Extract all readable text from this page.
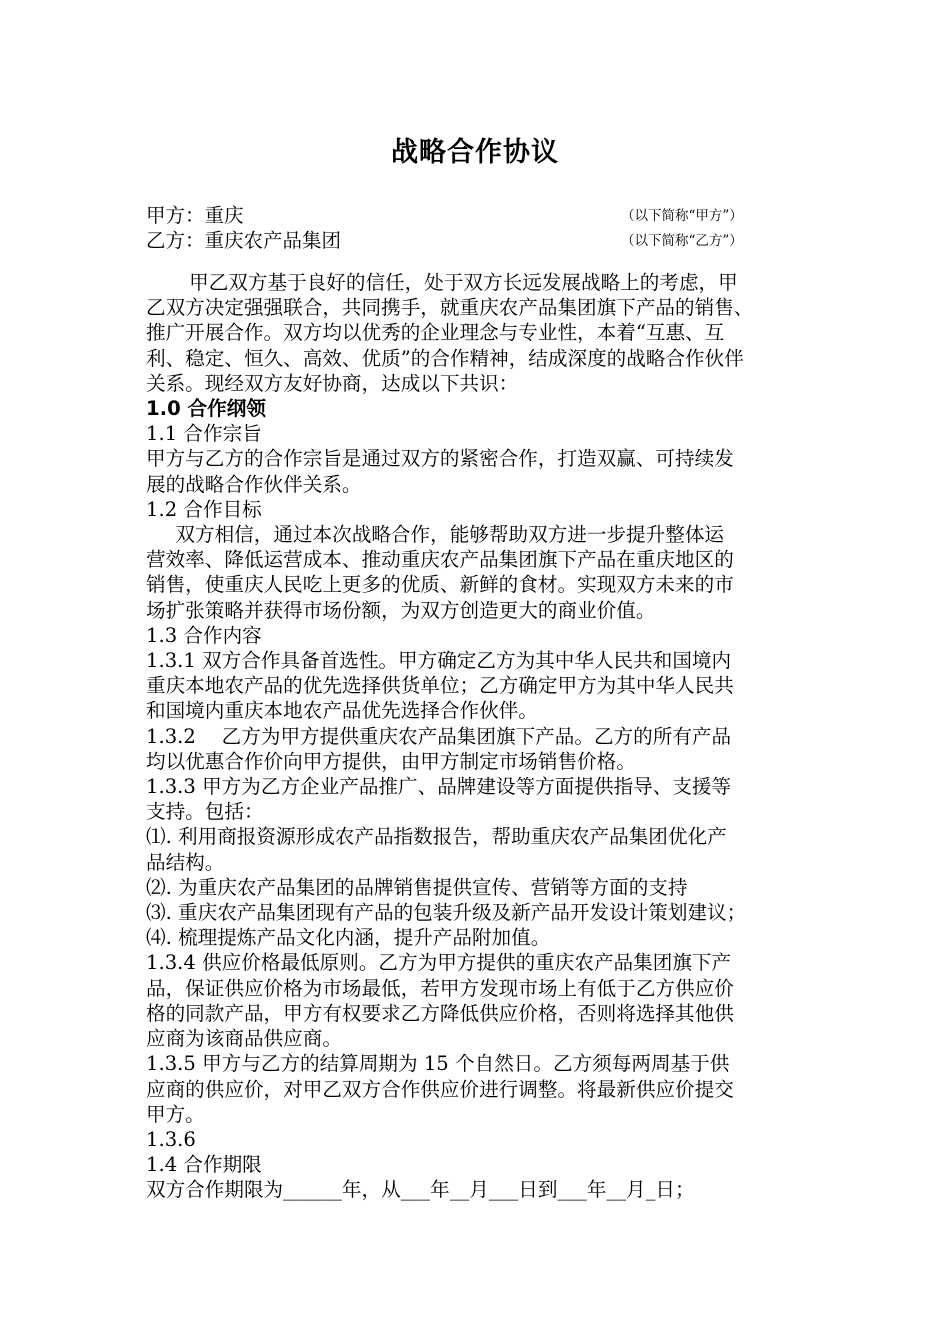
战略合作协议
甲方：重庆	（以下简称“甲方”）
乙方：重庆农产品集团	（以下简称“乙方”）

甲乙双方基于良好的信任，处于双方长远发展战略上的考虑，甲

乙双方决定强强联合，共同携手，就重庆农产品集团旗下产品的销售、

推广开展合作。双方均以优秀的企业理念与专业性，本着“互惠、互

利、稳定、恒久、高效、优质”的合作精神，结成深度的战略合作伙伴

关系。现经双方友好协商，达成以下共识：

1.0 合作纲领

1.1 合作宗旨

甲方与乙方的合作宗旨是通过双方的紧密合作，打造双赢、可持续发

展的战略合作伙伴关系。

1.2 合作目标

双方相信，通过本次战略合作，能够帮助双方进一步提升整体运

营效率、降低运营成本、推动重庆农产品集团旗下产品在重庆地区的

销售，使重庆人民吃上更多的优质、新鲜的食材。实现双方未来的市

场扩张策略并获得市场份额，为双方创造更大的商业价值。

1.3 合作内容

1.3.1 双方合作具备首选性。甲方确定乙方为其中华人民共和国境内

重庆本地农产品的优先选择供货单位；乙方确定甲方为其中华人民共

和国境内重庆本地农产品优先选择合作伙伴。

1.3.2　 乙方为甲方提供重庆农产品集团旗下产品。乙方的所有产品

均以优惠合作价向甲方提供，由甲方制定市场销售价格。

1.3.3 甲方为乙方企业产品推广、品牌建设等方面提供指导、支援等

支持。包括：

⑴. 利用商报资源形成农产品指数报告，帮助重庆农产品集团优化产

品结构。

⑵. 为重庆农产品集团的品牌销售提供宣传、营销等方面的支持

⑶. 重庆农产品集团现有产品的包装升级及新产品开发设计策划建议；

⑷. 梳理提炼产品文化内涵，提升产品附加值。

1.3.4 供应价格最低原则。乙方为甲方提供的重庆农产品集团旗下产

品，保证供应价格为市场最低，若甲方发现市场上有低于乙方供应价

格的同款产品，甲方有权要求乙方降低供应价格，否则将选择其他供

应商为该商品供应商。

1.3.5 甲方与乙方的结算周期为 15 个自然日。乙方须每两周基于供

应商的供应价，对甲乙双方合作供应价进行调整。将最新供应价提交

甲方。

1.3.6

1.4 合作期限

双方合作期限为______年，从___年__月___日到___年__月_日；
